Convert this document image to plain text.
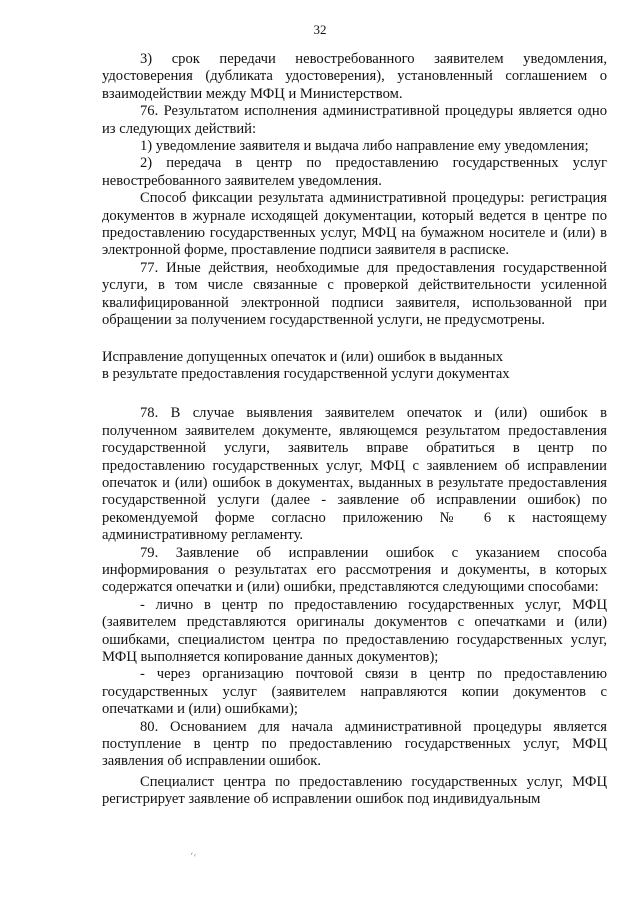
32

3) срок передачи невостребованного заявителем уведомления, удостоверения (дубликата удостоверения), установленный соглашением о взаимодействии между МФЦ и Министерством.

76. Результатом исполнения административной процедуры является одно из следующих действий:

1) уведомление заявителя и выдача либо направление ему уведомления;

2) передача в центр по предоставлению государственных услуг невостребованного заявителем уведомления.

Способ фиксации результата административной процедуры: регистрация документов в журнале исходящей документации, который ведется в центре по предоставлению государственных услуг, МФЦ на бумажном носителе и (или) в электронной форме, проставление подписи заявителя в расписке.

77. Иные действия, необходимые для предоставления государственной услуги, в том числе связанные с проверкой действительности усиленной квалифицированной электронной подписи заявителя, использованной при обращении за получением государственной услуги, не предусмотрены.

Исправление допущенных опечаток и (или) ошибок в выданных
в результате предоставления государственной услуги документах

78. В случае выявления заявителем опечаток и (или) ошибок в полученном заявителем документе, являющемся результатом предоставления государственной услуги, заявитель вправе обратиться в центр по предоставлению государственных услуг, МФЦ с заявлением об исправлении опечаток и (или) ошибок в документах, выданных в результате предоставления государственной услуги (далее - заявление об исправлении ошибок) по рекомендуемой форме согласно приложению № 6 к настоящему административному регламенту.

79. Заявление об исправлении ошибок с указанием способа информирования о результатах его рассмотрения и документы, в которых содержатся опечатки и (или) ошибки, представляются следующими способами:

- лично в центр по предоставлению государственных услуг, МФЦ (заявителем представляются оригиналы документов с опечатками и (или) ошибками, специалистом центра по предоставлению государственных услуг, МФЦ выполняется копирование данных документов);

- через организацию почтовой связи в центр по предоставлению государственных услуг (заявителем направляются копии документов с опечатками и (или) ошибками);

80. Основанием для начала административной процедуры является поступление в центр по предоставлению государственных услуг, МФЦ заявления об исправлении ошибок.

Специалист центра по предоставлению государственных услуг, МФЦ регистрирует заявление об исправлении ошибок под индивидуальным

ʿʿ
